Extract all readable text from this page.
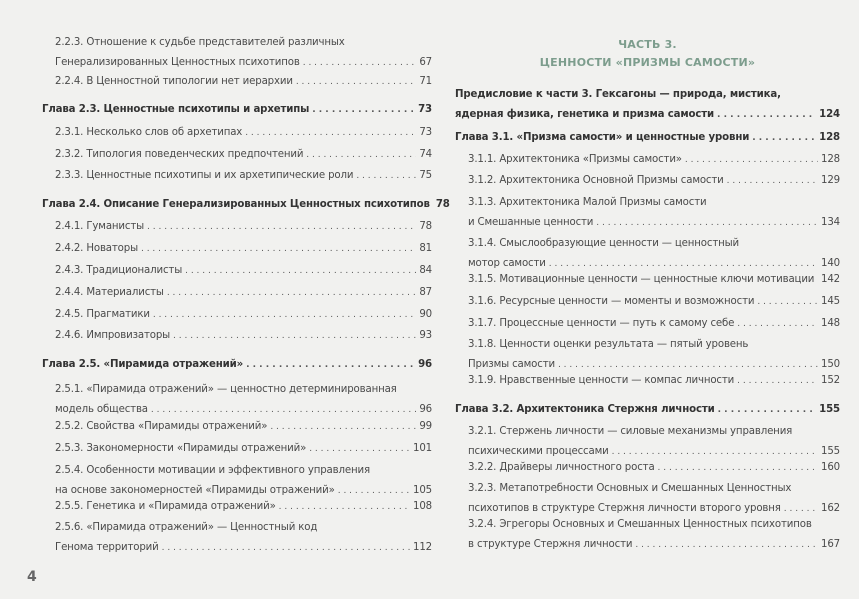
2.2.3. Отношение к судьбе представителей различных
Генерализированных Ценностных психотипов . . .	67
2.2.4. В Ценностной типологии нет иерархии . . .	71
Глава 2.3. Ценностные психотипы и архетипы . . .	73
2.3.1. Несколько слов об архетипах . . .	73
2.3.2. Типология поведенческих предпочтений . . .	74
2.3.3. Ценностные психотипы и их архетипические роли . . .	75
Глава 2.4. Описание Генерализированных Ценностных психотипов 78
2.4.1. Гуманисты . . .	78
2.4.2. Новаторы . . .	81
2.4.3. Традиционалисты . . .	84
2.4.4. Материалисты . . .	87
2.4.5. Прагматики . . .	90
2.4.6. Импровизаторы . . .	93
Глава 2.5. «Пирамида отражений» . . .	96
2.5.1. «Пирамида отражений» — ценностно детерминированная
модель общества . . .	96
2.5.2. Свойства «Пирамиды отражений» . . .	99
2.5.3. Закономерности «Пирамиды отражений» . . .	101
2.5.4. Особенности мотивации и эффективного управления
на основе закономерностей «Пирамиды отражений» . . .	105
2.5.5. Генетика и «Пирамида отражений» . . .	108
2.5.6. «Пирамида отражений» — Ценностный код
Генома территорий . . .	112
4
ЧАСТЬ 3.
ЦЕННОСТИ «ПРИЗМЫ САМОСТИ»
Предисловие к части 3. Гексагоны — природа, мистика,
ядерная физика, генетика и призма самости . . .	124
Глава 3.1. «Призма самости» и ценностные уровни . . .	128
3.1.1. Архитектоника «Призмы самости» . . .	128
3.1.2. Архитектоника Основной Призмы самости . . .	129
3.1.3. Архитектоника Малой Призмы самости
и Смешанные ценности . . .	134
3.1.4. Смыслообразующие ценности — ценностный
мотор самости . . .	140
3.1.5. Мотивационные ценности — ценностные ключи мотивации . . . 142
3.1.6. Ресурсные ценности — моменты и возможности . . .	145
3.1.7. Процессные ценности — путь к самому себе . . .	148
3.1.8. Ценности оценки результата — пятый уровень
Призмы самости . . .	150
3.1.9. Нравственные ценности — компас личности . . .	152
Глава 3.2. Архитектоника Стержня личности . . .	155
3.2.1. Стержень личности — силовые механизмы управления
психическими процессами . . .	155
3.2.2. Драйверы личностного роста . . .	160
3.2.3. Метапотребности Основных и Смешанных Ценностных
психотипов в структуре Стержня личности второго уровня . . .	162
3.2.4. Эгрегоры Основных и Смешанных Ценностных психотипов
в структуре Стержня личности . . .	167
